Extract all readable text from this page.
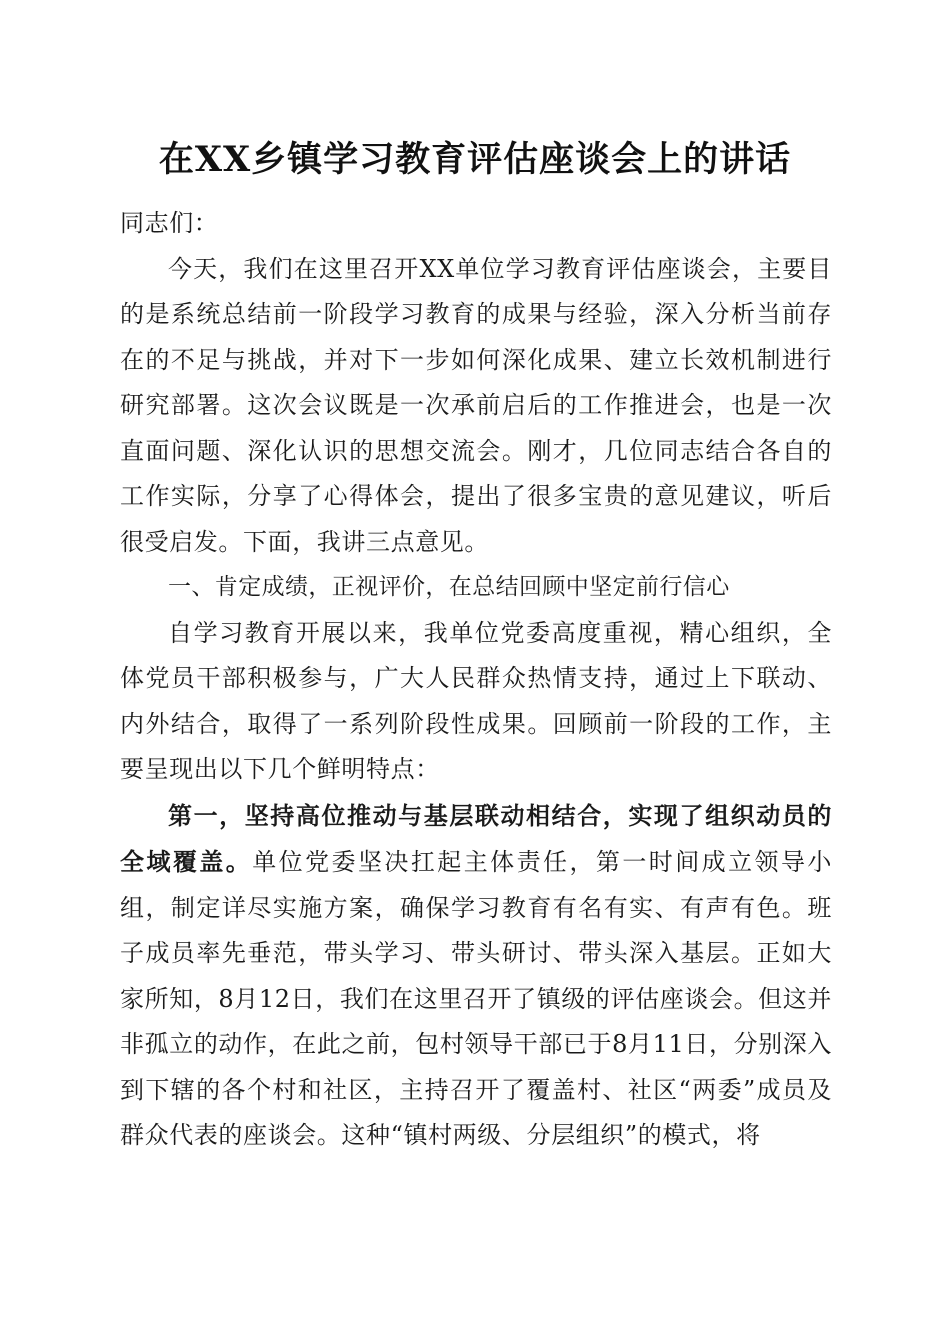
在XX乡镇学习教育评估座谈会上的讲话

同志们：

今天，我们在这里召开XX单位学习教育评估座谈会，主要目的是系统总结前一阶段学习教育的成果与经验，深入分析当前存在的不足与挑战，并对下一步如何深化成果、建立长效机制进行研究部署。这次会议既是一次承前启后的工作推进会，也是一次直面问题、深化认识的思想交流会。刚才，几位同志结合各自的工作实际，分享了心得体会，提出了很多宝贵的意见建议，听后很受启发。下面，我讲三点意见。

一、肯定成绩，正视评价，在总结回顾中坚定前行信心

自学习教育开展以来，我单位党委高度重视，精心组织，全体党员干部积极参与，广大人民群众热情支持，通过上下联动、内外结合，取得了一系列阶段性成果。回顾前一阶段的工作，主要呈现出以下几个鲜明特点：

第一，坚持高位推动与基层联动相结合，实现了组织动员的全域覆盖。单位党委坚决扛起主体责任，第一时间成立领导小组，制定详尽实施方案，确保学习教育有名有实、有声有色。班子成员率先垂范，带头学习、带头研讨、带头深入基层。正如大家所知，8月12日，我们在这里召开了镇级的评估座谈会。但这并非孤立的动作，在此之前，包村领导干部已于8月11日，分别深入到下辖的各个村和社区，主持召开了覆盖村、社区“两委”成员及群众代表的座谈会。这种“镇村两级、分层组织”的模式，将
